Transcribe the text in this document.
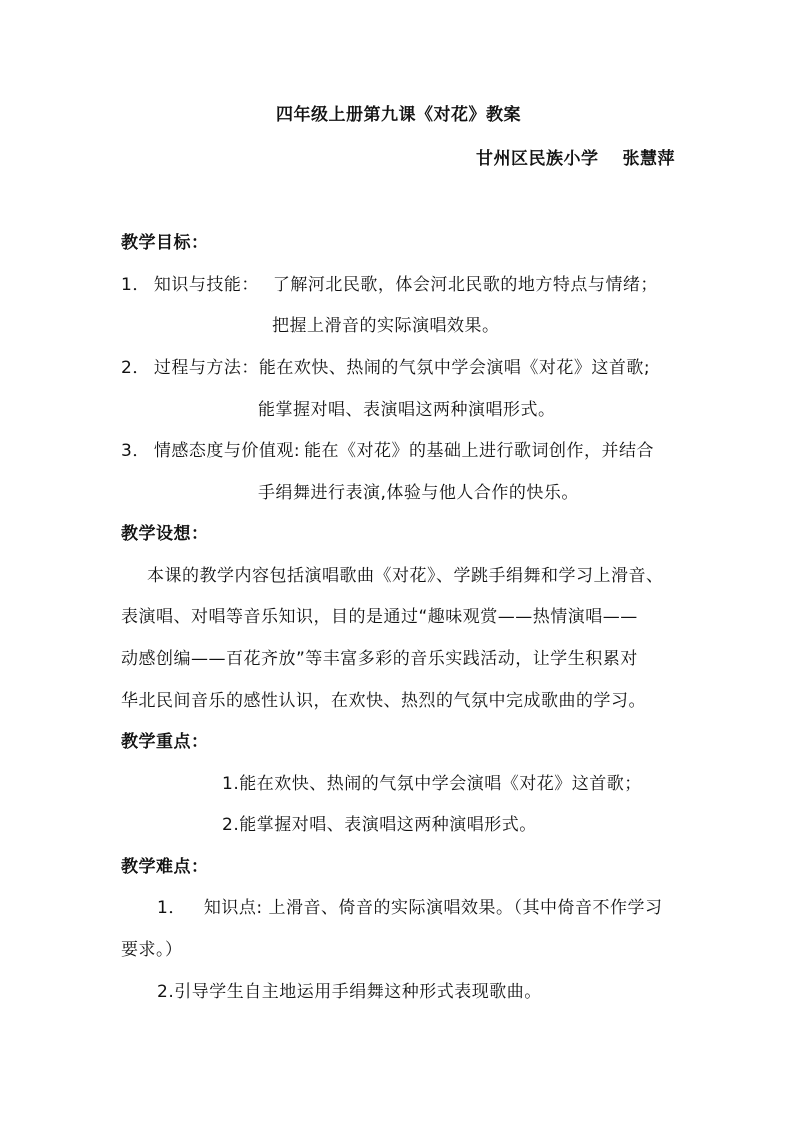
四年级上册第九课《对花》教案
甘州区民族小学 张慧萍
教学目标：
1． 知识与技能： 了解河北民歌，体会河北民歌的地方特点与情绪；
把握上滑音的实际演唱效果。
2． 过程与方法：能在欢快、热闹的气氛中学会演唱《对花》这首歌;
能掌握对唱、表演唱这两种演唱形式。
3． 情感态度与价值观: 能在《对花》的基础上进行歌词创作，并结合
手绢舞进行表演,体验与他人合作的快乐。
教学设想：
本课的教学内容包括演唱歌曲《对花》、学跳手绢舞和学习上滑音、
表演唱、对唱等音乐知识，目的是通过“趣味观赏——热情演唱——
动感创编——百花齐放”等丰富多彩的音乐实践活动，让学生积累对
华北民间音乐的感性认识，在欢快、热烈的气氛中完成歌曲的学习。
教学重点：
1.能在欢快、热闹的气氛中学会演唱《对花》这首歌；
2.能掌握对唱、表演唱这两种演唱形式。
教学难点：
1． 知识点: 上滑音、倚音的实际演唱效果。（其中倚音不作学习
要求。）
2.引导学生自主地运用手绢舞这种形式表现歌曲。
